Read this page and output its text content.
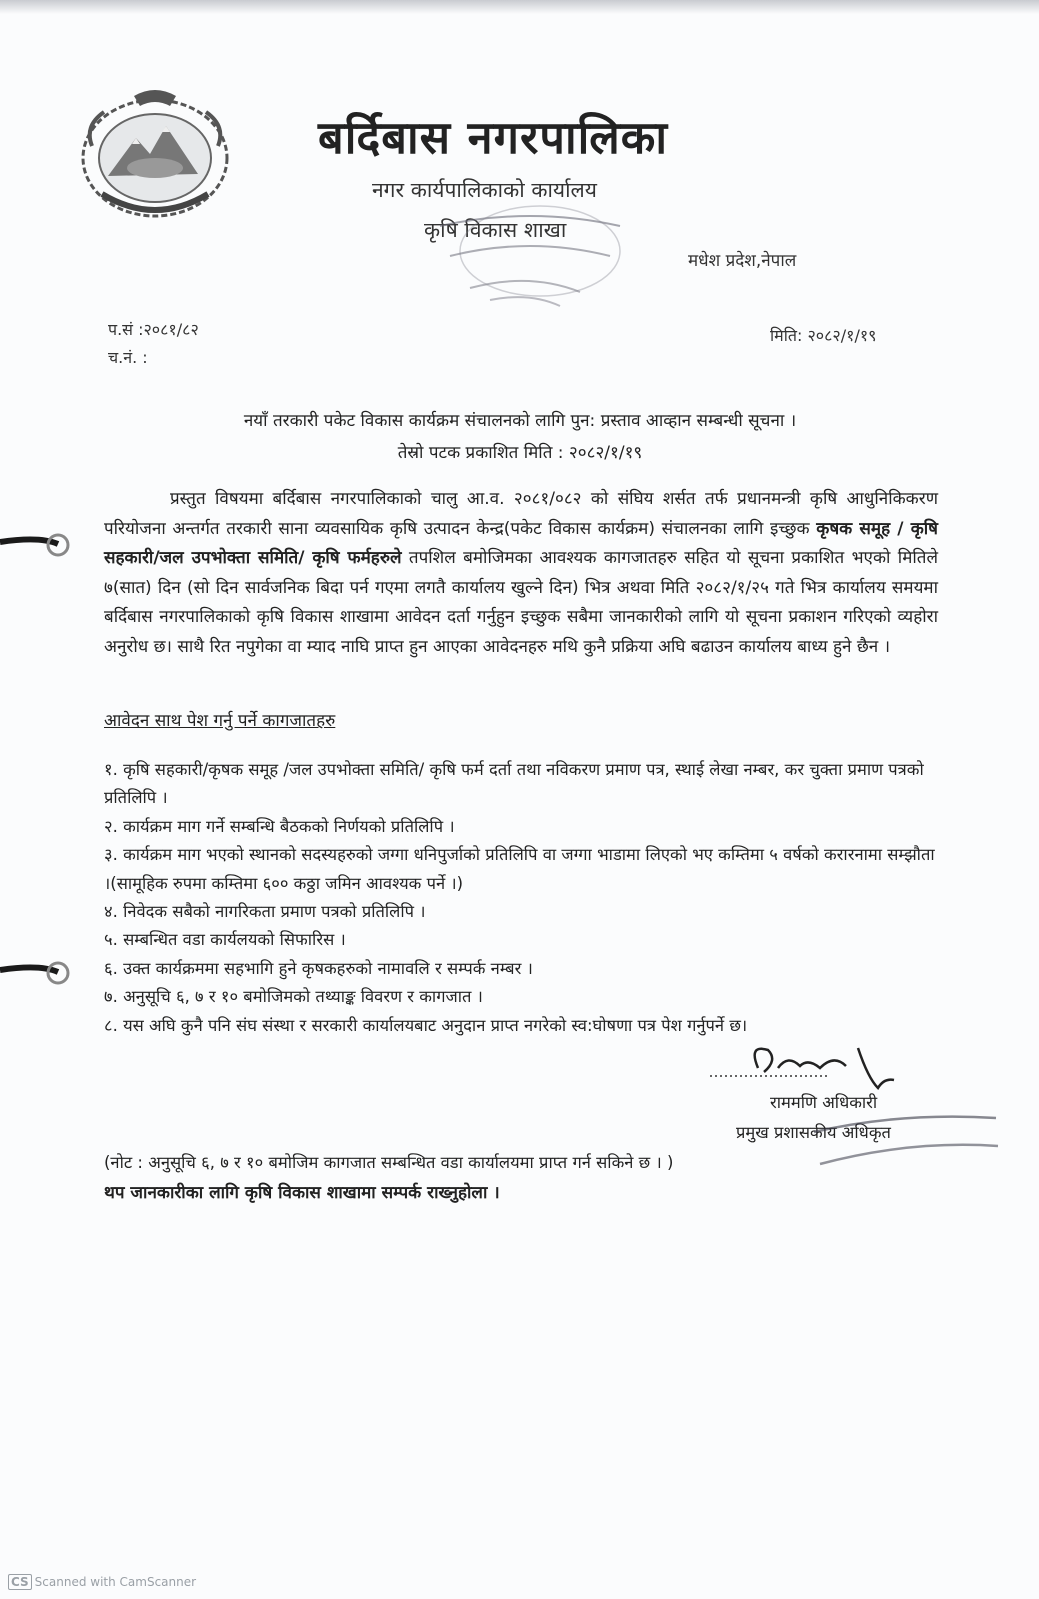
बर्दिबास नगरपालिका
नगर कार्यपालिकाको कार्यालय
कृषि विकास शाखा
मधेश प्रदेश,नेपाल
प.सं :२०८१/८२
च.नं. :
मिति: २०८२/१/१९
नयाँ तरकारी पकेट विकास कार्यक्रम संचालनको लागि पुन: प्रस्ताव आव्हान सम्बन्धी सूचना ।
तेस्रो पटक प्रकाशित मिति : २०८२/१/१९
प्रस्तुत विषयमा बर्दिबास नगरपालिकाको चालु आ.व. २०८१/०८२ को संघिय शर्सत तर्फ प्रधानमन्त्री कृषि आधुनिकिकरण परियोजना अन्तर्गत तरकारी साना व्यवसायिक कृषि उत्पादन केन्द्र(पकेट विकास कार्यक्रम) संचालनका लागि इच्छुक कृषक समूह / कृषि सहकारी/जल उपभोक्ता समिति/ कृषि फर्महरुले तपशिल बमोजिमका आवश्यक कागजातहरु सहित यो सूचना प्रकाशित भएको मितिले ७(सात) दिन (सो दिन सार्वजनिक बिदा पर्न गएमा लगतै कार्यालय खुल्ने दिन) भित्र अथवा मिति २०८२/१/२५ गते भित्र कार्यालय समयमा बर्दिबास नगरपालिकाको कृषि विकास शाखामा आवेदन दर्ता गर्नुहुन इच्छुक सबैमा जानकारीको लागि यो सूचना प्रकाशन गरिएको व्यहोरा अनुरोध छ। साथै रित नपुगेका वा म्याद नाघि प्राप्त हुन आएका आवेदनहरु मथि कुनै प्रक्रिया अघि बढाउन कार्यालय बाध्य हुने छैन ।
आवेदन साथ पेश गर्नु पर्ने कागजातहरु
१. कृषि सहकारी/कृषक समूह /जल उपभोक्ता समिति/ कृषि फर्म दर्ता तथा नविकरण प्रमाण पत्र, स्थाई लेखा नम्बर, कर चुक्ता प्रमाण पत्रको प्रतिलिपि ।
२. कार्यक्रम माग गर्ने सम्बन्धि बैठकको निर्णयको प्रतिलिपि ।
३. कार्यक्रम माग भएको स्थानको सदस्यहरुको जग्गा धनिपुर्जाको प्रतिलिपि वा जग्गा भाडामा लिएको भए कम्तिमा ५ वर्षको करारनामा सम्झौता ।(सामूहिक रुपमा कम्तिमा ६०० कठ्ठा जमिन आवश्यक पर्ने ।)
४. निवेदक सबैको नागरिकता प्रमाण पत्रको प्रतिलिपि ।
५. सम्बन्धित वडा कार्यलयको सिफारिस ।
६. उक्त कार्यक्रममा सहभागि हुने कृषकहरुको नामावलि र सम्पर्क नम्बर ।
७. अनुसूचि ६, ७ र १० बमोजिमको तथ्याङ्क विवरण र कागजात ।
८. यस अघि कुनै पनि संघ संस्था र सरकारी कार्यालयबाट अनुदान प्राप्त नगरेको स्व:घोषणा पत्र पेश गर्नुपर्ने छ।
राममणि अधिकारी
प्रमुख प्रशासकीय अधिकृत
(नोट : अनुसूचि ६, ७ र १० बमोजिम कागजात सम्बन्धित वडा कार्यालयमा प्राप्त गर्न सकिने छ । )
थप जानकारीका लागि कृषि विकास शाखामा सम्पर्क राख्नुहोला ।
CS Scanned with CamScanner
